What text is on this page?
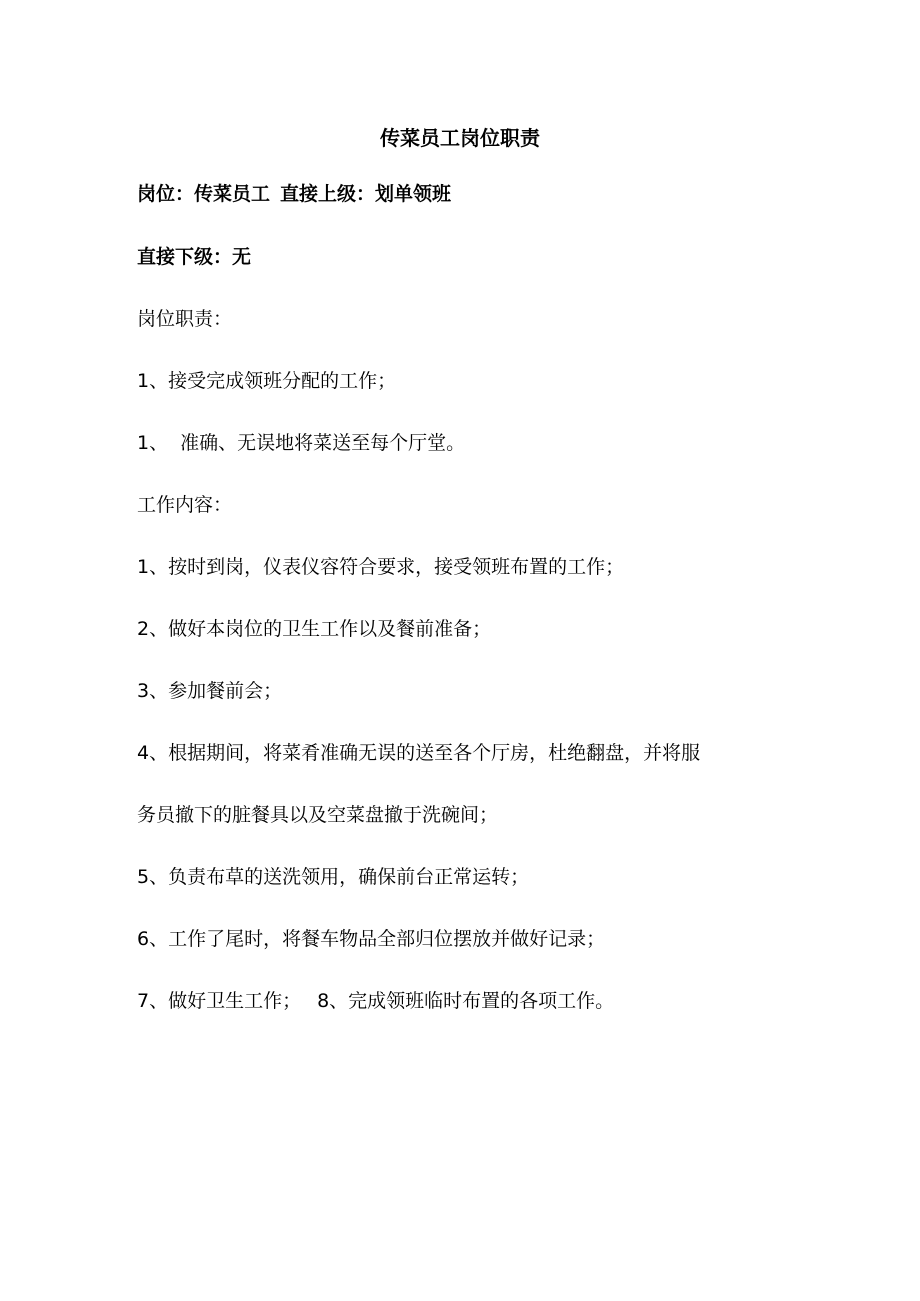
传菜员工岗位职责
岗位：传菜员工 直接上级：划单领班
直接下级：无
岗位职责：
1、接受完成领班分配的工作；
1、  准确、无误地将菜送至每个厅堂。
工作内容：
1、按时到岗，仪表仪容符合要求，接受领班布置的工作；
2、做好本岗位的卫生工作以及餐前准备；
3、参加餐前会；
4、根据期间，将菜肴准确无误的送至各个厅房，杜绝翻盘，并将服
务员撤下的脏餐具以及空菜盘撤于洗碗间；
5、负责布草的送洗领用，确保前台正常运转；
6、工作了尾时，将餐车物品全部归位摆放并做好记录；
7、做好卫生工作； 8、完成领班临时布置的各项工作。
